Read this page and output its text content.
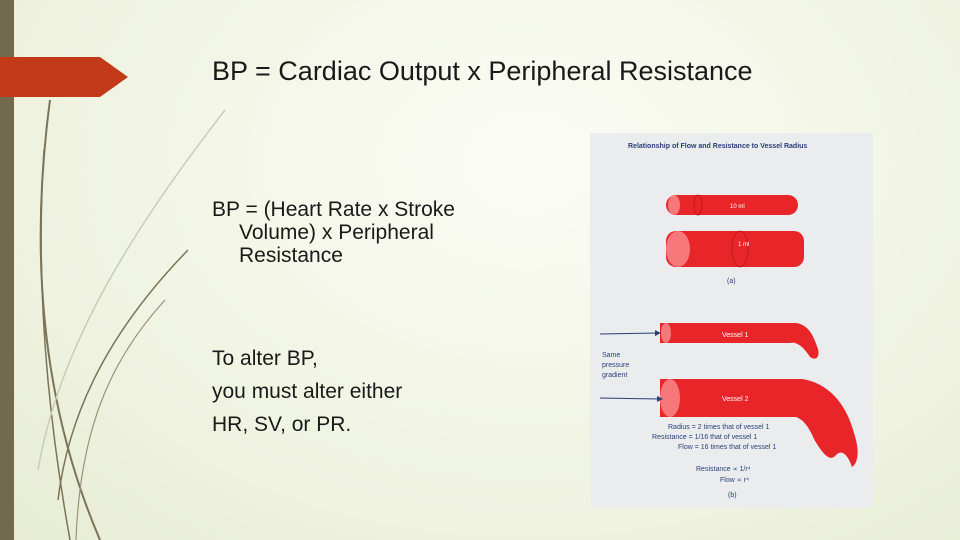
BP = Cardiac Output x Peripheral Resistance
BP = (Heart Rate x Stroke
Volume) x Peripheral
Resistance
To alter BP,
you must alter either
HR, SV, or PR.
Relationship of Flow and Resistance to Vessel Radius
10 ml
1 ml
(a)
Vessel 1
Vessel 2
Same
pressure
gradient
Radius = 2 times that of vessel 1
Resistance = 1/16 that of vessel 1
Flow = 16 times that of vessel 1
Resistance ∝ 1/r⁴
Flow ∝ r⁴
(b)
